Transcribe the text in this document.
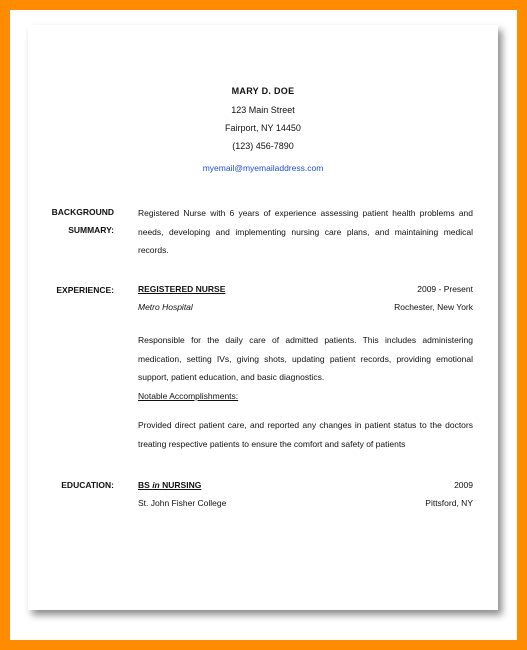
MARY D. DOE
123 Main Street
Fairport, NY 14450
(123) 456-7890
myemail@myemailaddress.com
BACKGROUND
SUMMARY:
Registered Nurse with 6 years of experience assessing patient health problems and needs, developing and implementing nursing care plans, and maintaining medical records.
EXPERIENCE:	REGISTERED NURSE	2009 - Present
Metro Hospital	Rochester, New York
Responsible for the daily care of admitted patients. This includes administering medication, setting IVs, giving shots, updating patient records, providing emotional support, patient education, and basic diagnostics.
Notable Accomplishments:
Provided direct patient care, and reported any changes in patient status to the doctors treating respective patients to ensure the comfort and safety of patients
EDUCATION:	BS in NURSING	2009
St. John Fisher College	Pittsford, NY
